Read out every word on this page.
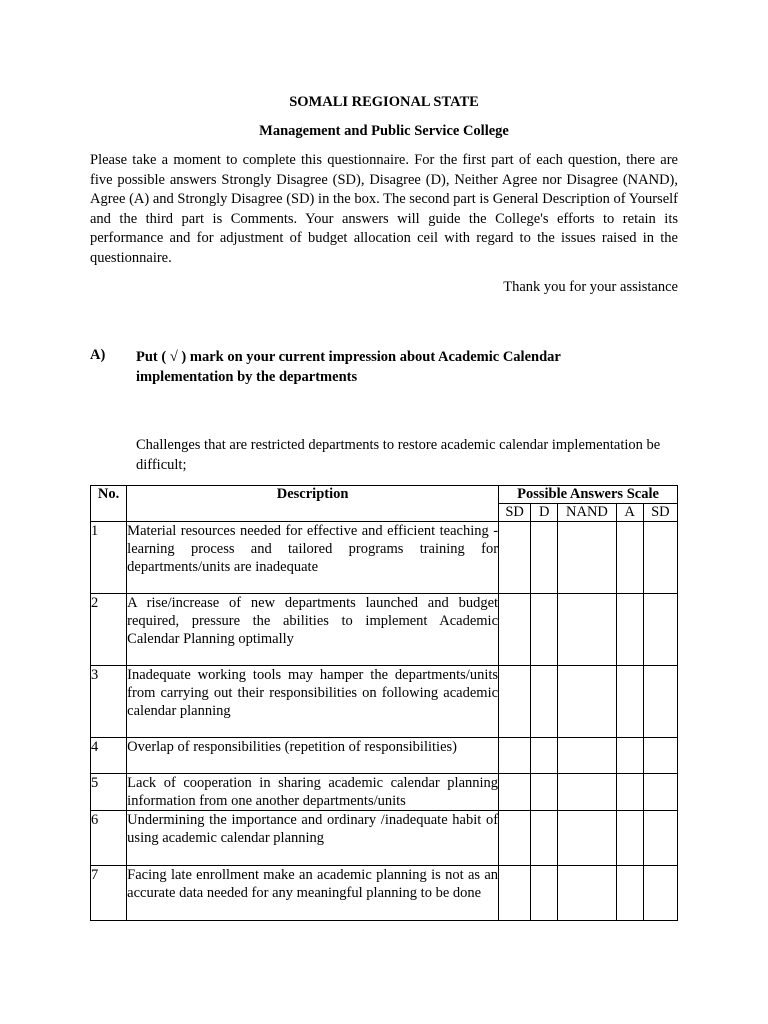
SOMALI REGIONAL STATE
Management and Public Service College

Please take a moment to complete this questionnaire. For the first part of each question, there are five possible answers Strongly Disagree (SD), Disagree (D), Neither Agree nor Disagree (NAND), Agree (A) and Strongly Disagree (SD) in the box. The second part is General Description of Yourself and the third part is Comments. Your answers will guide the College's efforts to retain its performance and for adjustment of budget allocation ceil with regard to the issues raised in the questionnaire.

Thank you for your assistance
A) Put ( √ ) mark on your current impression about Academic Calendar implementation by the departments
Challenges that are restricted departments to restore academic calendar implementation be difficult;
No.	Description	Possible Answers Scale				
		SD	D	NAND	A	SD
1	Material resources needed for effective and efficient teaching - learning process and tailored programs training for departments/units are inadequate					
2	A rise/increase of new departments launched and budget required, pressure the abilities to implement Academic Calendar Planning optimally					
3	Inadequate working tools may hamper the departments/units from carrying out their responsibilities on following academic calendar planning					
4	Overlap of responsibilities (repetition of responsibilities)					
5	Lack of cooperation in sharing academic calendar planning information from one another departments/units					
6	Undermining the importance and ordinary /inadequate habit of using academic calendar planning					
7	Facing late enrollment make an academic planning is not as an accurate data needed for any meaningful planning to be done					
